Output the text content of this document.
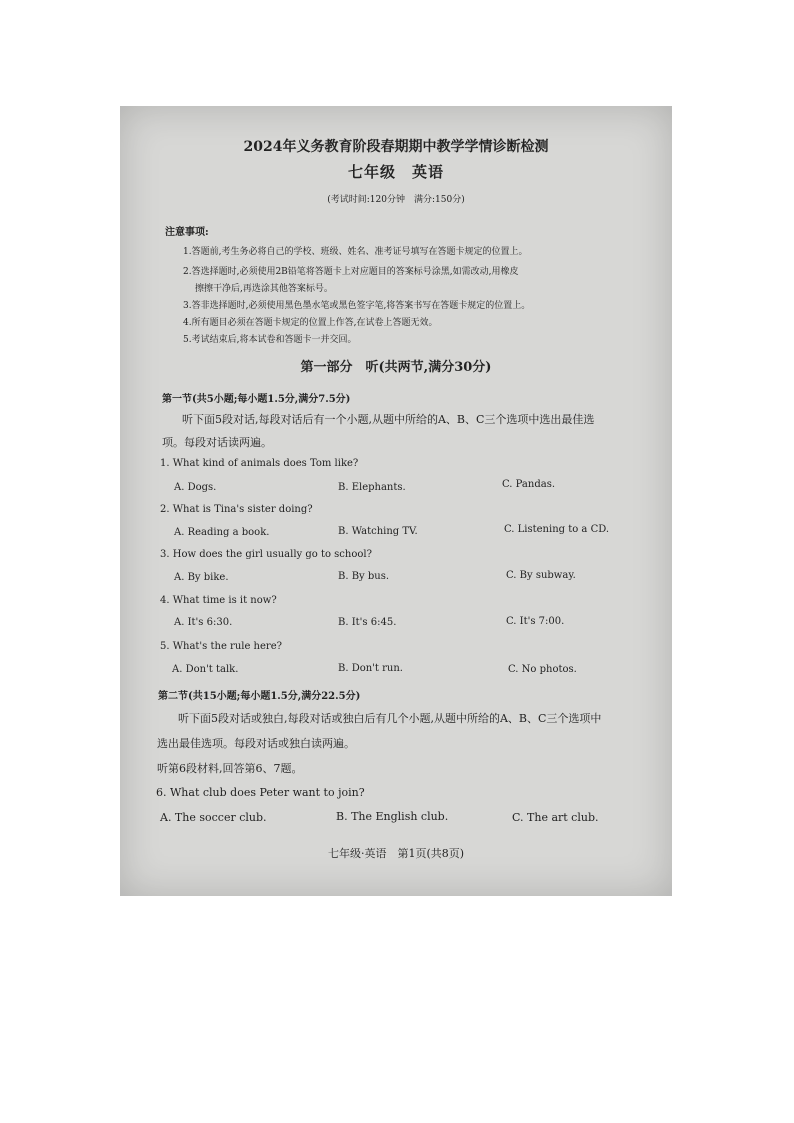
2024年义务教育阶段春期期中教学学情诊断检测
七年级　英语
(考试时间:120分钟　满分:150分)
注意事项:
1.答题前,考生务必将自己的学校、班级、姓名、准考证号填写在答题卡规定的位置上。
2.答选择题时,必须使用2B铅笔将答题卡上对应题目的答案标号涂黑,如需改动,用橡皮
擦擦干净后,再选涂其他答案标号。
3.答非选择题时,必须使用黑色墨水笔或黑色签字笔,将答案书写在答题卡规定的位置上。
4.所有题目必须在答题卡规定的位置上作答,在试卷上答题无效。
5.考试结束后,将本试卷和答题卡一并交回。
第一部分　听(共两节,满分30分)
第一节(共5小题;每小题1.5分,满分7.5分)
听下面5段对话,每段对话后有一个小题,从题中所给的A、B、C三个选项中选出最佳选
项。每段对话读两遍。
1. What kind of animals does Tom like?
A. Dogs.	B. Elephants.	C. Pandas.
2. What is Tina's sister doing?
A. Reading a book.	B. Watching TV.	C. Listening to a CD.
3. How does the girl usually go to school?
A. By bike.	B. By bus.	C. By subway.
4. What time is it now?
A. It's 6:30.	B. It's 6:45.	C. It's 7:00.
5. What's the rule here?
A. Don't talk.	B. Don't run.	C. No photos.
第二节(共15小题;每小题1.5分,满分22.5分)
听下面5段对话或独白,每段对话或独白后有几个小题,从题中所给的A、B、C三个选项中
选出最佳选项。每段对话或独白读两遍。
听第6段材料,回答第6、7题。
6. What club does Peter want to join?
A. The soccer club.	B. The English club.	C. The art club.
七年级·英语　第1页(共8页)
